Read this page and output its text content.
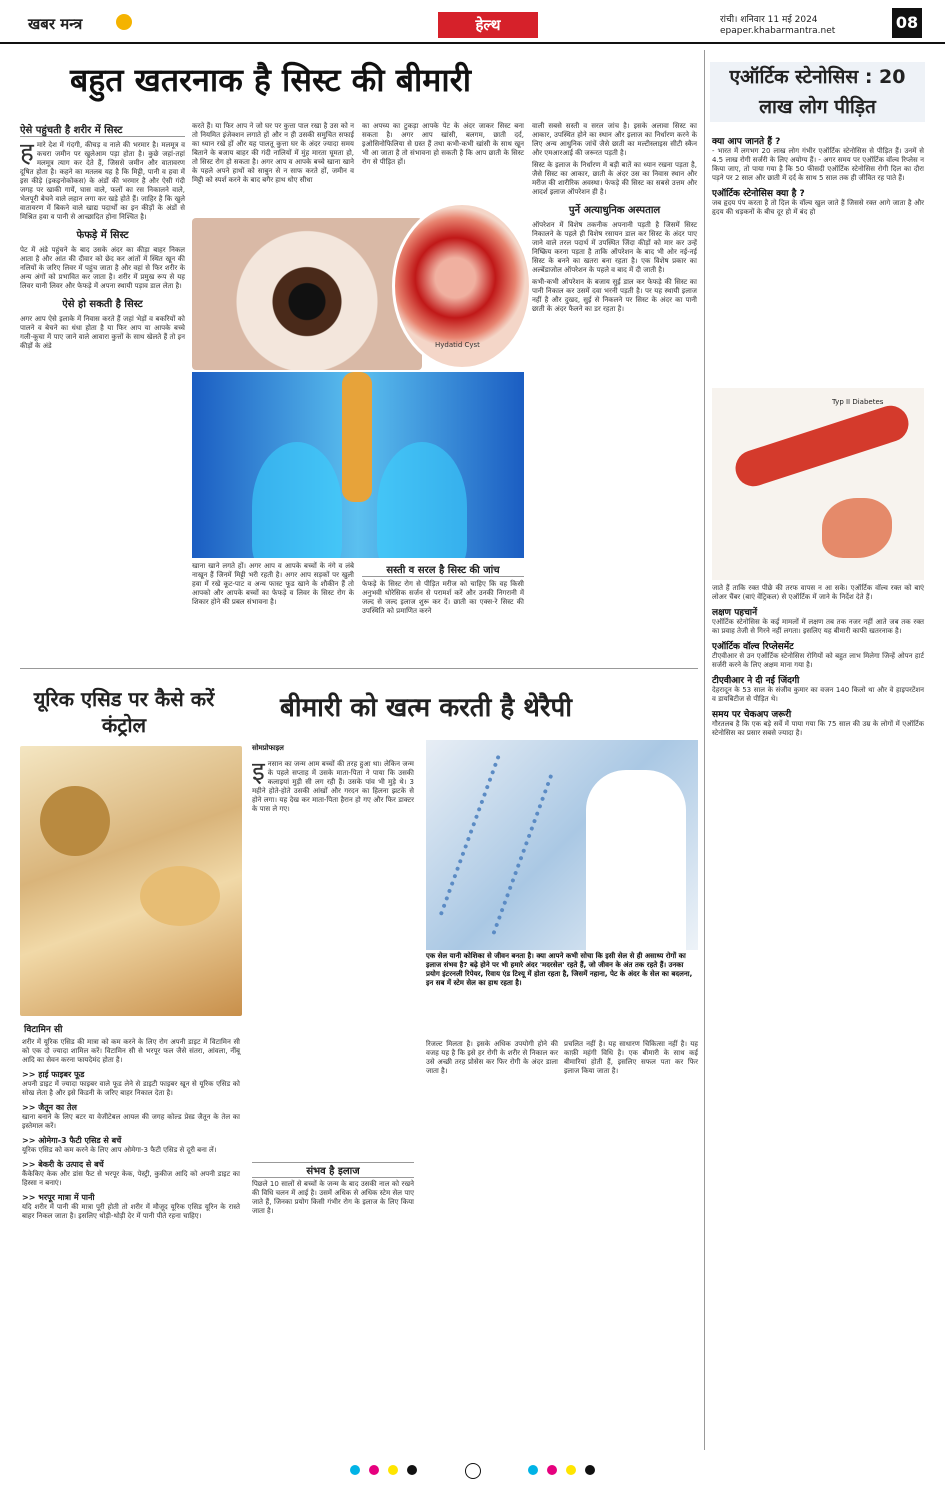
खबर मन्त्र	हेल्थ	रांची। शनिवार 11 मई 2024
epaper.khabarmantra.net	08
बहुत खतरनाक है सिस्ट की बीमारी
ऐसे पहुंचती है शरीर में सिस्ट

हमारे देश में गंदगी, कीचड़ व नाले की भरमार है। मलमूत्र व कचरा जमीन पर खुलेआम पड़ा होता है। कुछे जहां-तहां मलमूत्र त्याग कर देते हैं, जिससे जमीन और वातावरण दूषित होता है। कहने का मतलब यह है कि मिट्टी, पानी व हवा में इस कीड़े (इकइनोकोकस) के अंडों की भरमार है और ऐसी गंदी जगह पर खाकी गायें, घास वाले, फलों का रस निकालने वाले, भेलपूरी बेचने वाले लहान लगा कर खड़े होते हैं। जाहिर है कि खुले वातावरण में बिकने वाले खाद्य पदार्थों का इन कीड़ों के अंडों से मिश्रित हवा व पानी से आच्छादित होना निश्चित है।

फेफड़े में सिस्ट

पेट में अंडे पहुंचने के बाद उसके अंदर का कीड़ा बाहर निकल आता है और आंत की दीवार को छेद कर आंतों में स्थित खून की नलियों के जरिए लिवर में पहुंच जाता है और वहां से फिर शरीर के अन्य अंगों को प्रभावित कर जाता है। शरीर में प्रमुख रूप से यह लिवर यानी लिवर और फेफड़े में अपना स्थायी पड़ाव डाल लेता है।

ऐसे हो सकती है सिस्ट

अगर आप ऐसे इलाके में निवास करते हैं जहां भेड़ों व बकरियों को पालने व बेचने का धंधा होता है या फिर आप या आपके बच्चे गली-कूचा में पाए जाने वाले आवारा कुत्तों के साथ खेलते हैं तो इन कीड़ों के अंडे

करते हैं। या फिर आप ने जो घर पर कुत्ता पाल रखा है उस को न तो नियमित इंजेक्शन लगाते हों और न ही उसकी समुचित सफाई का ध्यान रखे हों और यह पालतू कुत्ता घर के अंदर ज्यादा समय बिताने के बजाय बाहर की गंदी नालियों में मुंह मारता घूमता हो, तो सिस्ट रोग हो सकता है। अगर आप व आपके बच्चे खाना खाने के पहले अपने हाथों को साबुन से न साफ करते हों, जमीन व मिट्टी को स्पर्श करने के बाद बगैर हाथ धोए सीधा

खाना खाने लगते हों। अगर आप व आपके बच्चों के नंगे व लंबे नाखून हैं जिनमें मिट्टी भरी रहती है। अगर आप सड़कों पर खुली हवा में रखे कूट-पाट व अन्य फास्ट फूड खाने के शौकीन हैं तो आपको और आपके बच्चों का फेफड़े व लिवर के सिस्ट रोग के शिकार होने की प्रबल संभावना है।

का अपच्य का टुकड़ा आपके पेट के अंदर जाकर सिस्ट बना सकता है। अगर आप खांसी, बलगम, छाती दर्द, इओसिनोफिलिया से ग्रस्त हैं तथा कभी-कभी खांसी के साथ खून भी आ जाता है तो संभावना हो सकती है कि आप छाती के सिस्ट रोग से पीड़ित हों।

Hydatid Cyst
सस्ती व सरल है सिस्ट की जांच

फेफड़े के सिस्ट रोग से पीड़ित मरीज को चाहिए कि वह किसी अनुभवी थोरेसिक सर्जन से परामर्श करें और उनकी निगरानी में जल्द से जल्द इलाज शुरू कर दें। छाती का एक्स-रे सिस्ट की उपस्थिति को प्रमाणित करने

वाली सबसे सस्ती व सरल जांच है। इसके अलावा सिस्ट का आकार, उपस्थित होने का स्थान और इलाज का निर्धारण करने के लिए अन्य आधुनिक जांचें जैसे छाती का मल्टीस्लाइस सीटी स्कैन और एमआरआई की जरूरत पड़ती है।

सिस्ट के इलाज के निर्धारण में बड़ी बातें का ध्यान रखना पड़ता है, जैसे सिस्ट का आकार, छाती के अंदर उस का निवास स्थान और मरीज की शारीरिक अवस्था। फेफड़े की सिस्ट का सबसे उत्तम और आदर्श इलाज ऑपरेशन ही है।

पुर्ने अत्याधुनिक अस्पताल

ऑपरेशन में विशेष तकनीक अपनानी पड़ती है जिसमें सिस्ट निकालने के पहले ही विशेष रसायन डाल कर सिस्ट के अंदर पाए जाने वाले तरल पदार्थ में उपस्थित जिंदा कीड़ों को मार कर उन्हें निष्क्रिय करना पड़ता है ताकि ऑपरेशन के बाद भी ओर नई-नई सिस्ट के बनने का खतरा बना रहता है। एक विशेष प्रकार का अल्बेंडाजोल ऑपरेशन के पहले व बाद में दी जाती है।

कभी-कभी ऑपरेशन के बजाय सुई डाल कर फेफड़े की सिस्ट का पानी निकाल कर उसमें दवा भरनी पड़ती है। पर यह स्थायी इलाज नहीं है और दुखद, सुई से निकलने पर सिस्ट के अंदर का पानी छाती के अंदर फैलने का डर रहता है।

यूरिक एसिड पर कैसे करें कंट्रोल
विटामिन सी

शरीर में यूरिक एसिड की मात्रा को कम करने के लिए रोग अपनी डाइट में विटामिन सी को एक दो ज्यादा शामिल करें। विटामिन सी से भरपूर फल जैसे संतरा, आंवला, नींबू आदि का सेवन करना फायदेमंद होता है।

>> हाई फाइबर फूड

अपनी डाइट में ज्यादा फाइबर वाले फूड लेने से डाइटी फाइबर खून से यूरिक एसिड को सोख लेता है और इसे किडनी के जरिए बाहर निकाल देता है।

>> जैतून का तेल

खाना बनाने के लिए बटर या वेजीटेबल आयल की जगह कोल्ड प्रेस्ड जैतून के तेल का इस्तेमाल करें।

>> ओमेगा-3 फैटी एसिड से बचें

यूरिक एसिड को कम करने के लिए आप ओमेगा-3 फैटी एसिड से दूरी बना लें।

>> बेकरी के उत्पाद से बचें

कैंकेकिए केक और डांस फैट से भरपूर केक, पेस्ट्री, कुकीज आदि को अपनी डाइट का हिस्सा न बनाएं।

>> भरपूर मात्रा में पानी

यदि शरीर में पानी की मात्रा पूरी होती तो शरीर में मौजूद यूरिक एसिड यूरिन के रास्ते बाहर निकल जाता है। इसलिए थोड़ी-थोड़ी देर में पानी पीते रहना चाहिए।

बीमारी को खत्म करती है थेरैपी
सोमप्रोफाइल

इनसान का जन्म आम बच्चों की तरह हुआ था। लेकिन जन्म के पहले सप्ताह में उसके माता-पिता ने पाया कि उसकी कलाइयां मुड़ी सी लग रही हैं। उसके पांव भी मुड़े थे। 3 महीने होते-होते उसकी आंखों और गरदन का हिलना झटके से होने लगा। यह देख कर माता-पिता हैरान हो गए और फिर डाक्टर के पास ले गए।

एक सेल यानी कोशिका से जीवन बनता है। क्या आपने कभी सोचा कि इसी सेल से ही असाध्य रोगों का इलाज संभव है? बढ़े होने पर भी हमारे अंदर 'मदरसेल' रहते हैं, जो जीवन के अंत तक रहते हैं। उनका प्रयोग इंटरनली रिपेयर, रिवाय एंड टिश्यू में होता रहता है, जिसमें नहाना, पेट के अंदर के सेल का बदलना, इन सब में स्टेम सेल का हाथ रहता है।
संभव है इलाज

पिछले 10 सालों से बच्चों के जन्म के बाद उसकी नाल को रखने की विधि चलन में आई है। उसमें अधिक से अधिक स्टेम सेल पाए जाते हैं, जिनका प्रयोग किसी गंभीर रोग के इलाज के लिए किया जाता है।

रिजल्ट मिलता है। इसके अधिक उपयोगी होने की वजह यह है कि इसे हर रोगी के शरीर से निकाल कर उसे अच्छी तरह प्रोसेस कर फिर रोगी के अंदर डाला जाता है।

प्रचलित नहीं है। यह साधारण चिकित्सा नहीं है। यह काफ़ी महंगी विधि है। एक बीमारी के साथ कई बीमारियां होती हैं, इसलिए सफल पता कर फिर इलाज किया जाता है।

एऑर्टिक स्टेनोसिस : 20 लाख लोग पीड़ित
क्या आप जानते हैं ?

- भारत में लगभग 20 लाख लोग गंभीर एऑर्टिक स्टेनोसिस से पीड़ित हैं। उनमें से 4.5 लाख रोगी सर्जरी के लिए अयोग्य हैं। - अगर समय पर एऑर्टिक वॉल्व रिप्लेस न किया जाए, तो पाया गया है कि 50 फीसदी एऑर्टिक स्टेनोसिस रोगी दिल का दौरा पड़ने पर 2 साल और छाती में दर्द के साथ 5 साल तक ही जीवित रह पाते हैं।

एऑर्टिक स्टेनोसिस क्या है ?

जब हृदय पंप करता है तो दिल के वॉल्व खुल जाते हैं जिससे रक्त आगे जाता है और हृदय की धड़कनों के बीच दूर हो में बंद हो

Typ II Diabetes

जाते हैं ताकि रक्त पीछे की तरफ वापस न आ सके। एऑर्टिक वॉल्व रक्त को बाएं लोअर चैंबर (बाएं वेंट्रिकल) से एऑर्टिक में जाने के निर्देश देते हैं।

लक्षण पहचानें

एऑर्टिक स्टेनोसिस के कई मामलों में लक्षण तब तक नजर नहीं आते जब तक रक्त का प्रवाह तेजी से गिरने नहीं लगता। इसलिए यह बीमारी काफी खतरनाक है।

एऑर्टिक वॉल्व रिप्लेसमेंट

टीएवीआर से उन एऑर्टिक स्टेनोसिस रोगियों को बहुत लाभ मिलेगा जिन्हें ओपन हार्ट सर्जरी करने के लिए अक्षम माना गया है।

टीएवीआर ने दी नई जिंदगी

देहरादून के 53 साल के संजीव कुमार का वजन 140 किलो था और वे हाइपरटेंशन व डायबिटीज से पीड़ित थे।

समय पर चेकअप जरूरी

गौरतलब है कि एक बड़े सर्वे में पाया गया कि 75 साल की उम्र के लोगों में एऑर्टिक स्टेनोसिस का प्रसार सबसे ज्यादा है।
